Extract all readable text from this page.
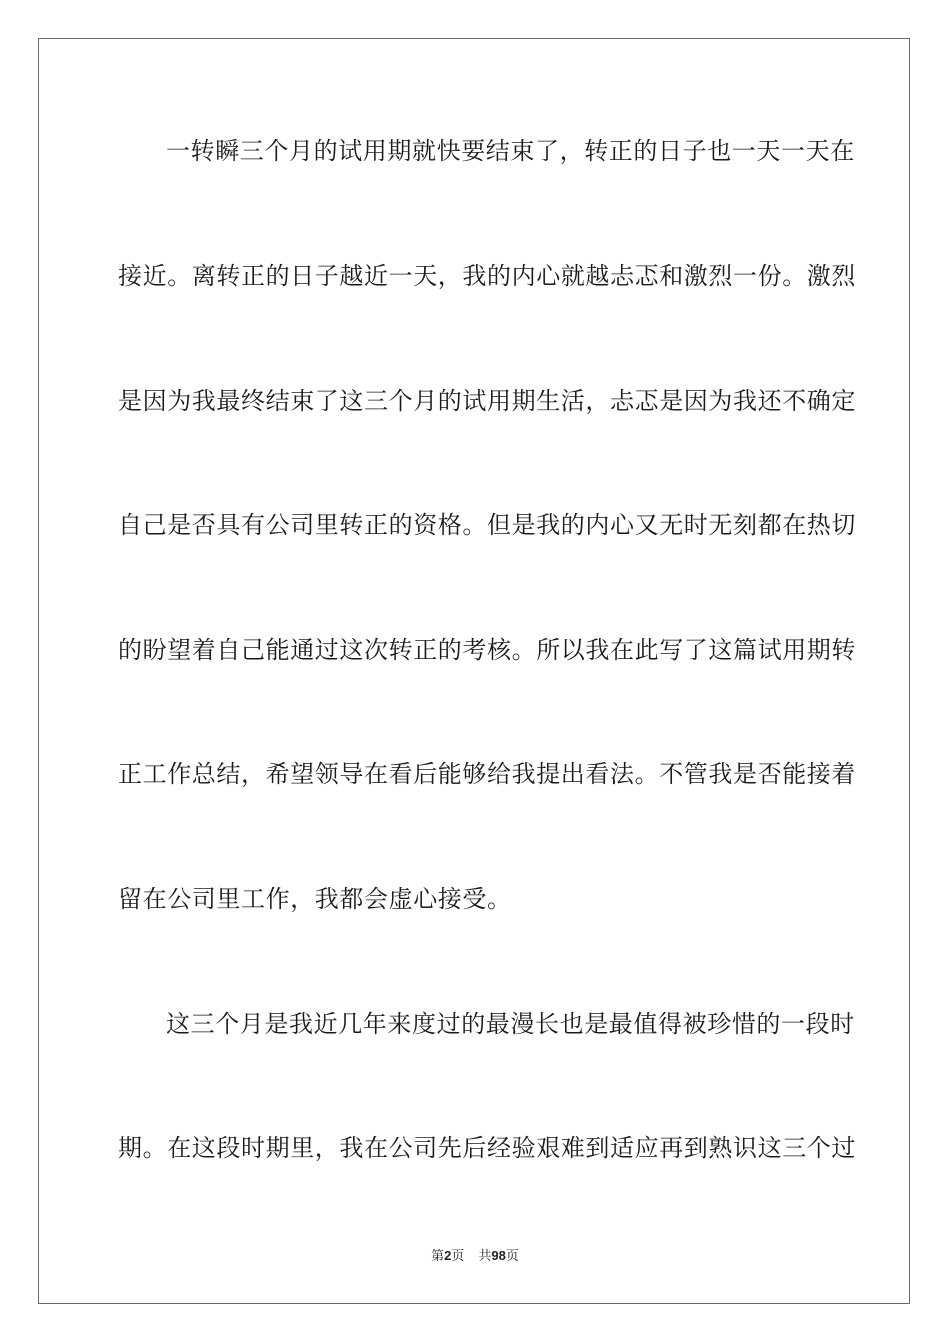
一转瞬三个月的试用期就快要结束了，转正的日子也一天一天在
接近。离转正的日子越近一天，我的内心就越忐忑和激烈一份。激烈
是因为我最终结束了这三个月的试用期生活，忐忑是因为我还不确定
自己是否具有公司里转正的资格。但是我的内心又无时无刻都在热切
的盼望着自己能通过这次转正的考核。所以我在此写了这篇试用期转
正工作总结，希望领导在看后能够给我提出看法。不管我是否能接着
留在公司里工作，我都会虚心接受。
这三个月是我近几年来度过的最漫长也是最值得被珍惜的一段时
期。在这段时期里，我在公司先后经验艰难到适应再到熟识这三个过
第2页 共98页
